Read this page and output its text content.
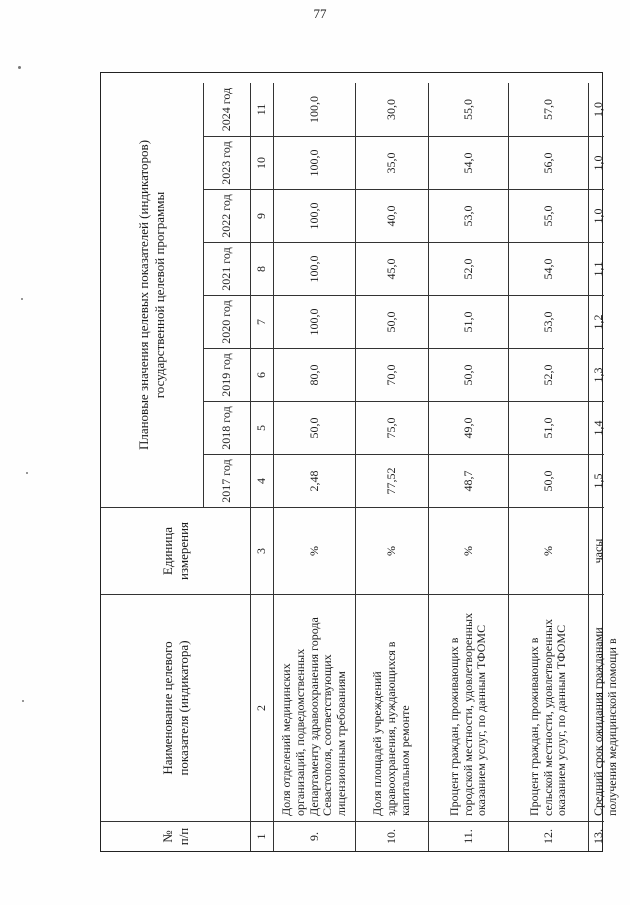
77
№
п/п
Наименование целевого показателя (индикатора)
Единица измерения
Плановые значения целевых показателей (индикаторов) государственной целевой программы
2017 год
2018 год
2019 год
2020 год
2021 год
2022 год
2023 год
2024 год
1
2
3
4
5
6
7
8
9
10
11
9.
Доля отделений медицинских организаций, подведомственных Департаменту здравоохранения города Севастополя, соответствующих лицензионным требованиям
%
2,48
50,0
80,0
100,0
100,0
100,0
100,0
100,0
10.
Доля площадей учреждений здравоохранения, нуждающихся в капитальном ремонте
%
77,52
75,0
70,0
50,0
45,0
40,0
35,0
30,0
11.
Процент граждан, проживающих в городской местности, удовлетворенных оказанием услуг, по данным ТФОМС
%
48,7
49,0
50,0
51,0
52,0
53,0
54,0
55,0
12.
Процент граждан, проживающих в сельской местности, удовлетворенных оказанием услуг, по данным ТФОМС
%
50,0
51,0
52,0
53,0
54,0
55,0
56,0
57,0
13.
Средний срок ожидания гражданами получения медицинской помощи в
часы
1,5
1,4
1,3
1,2
1,1
1,0
1,0
1,0
